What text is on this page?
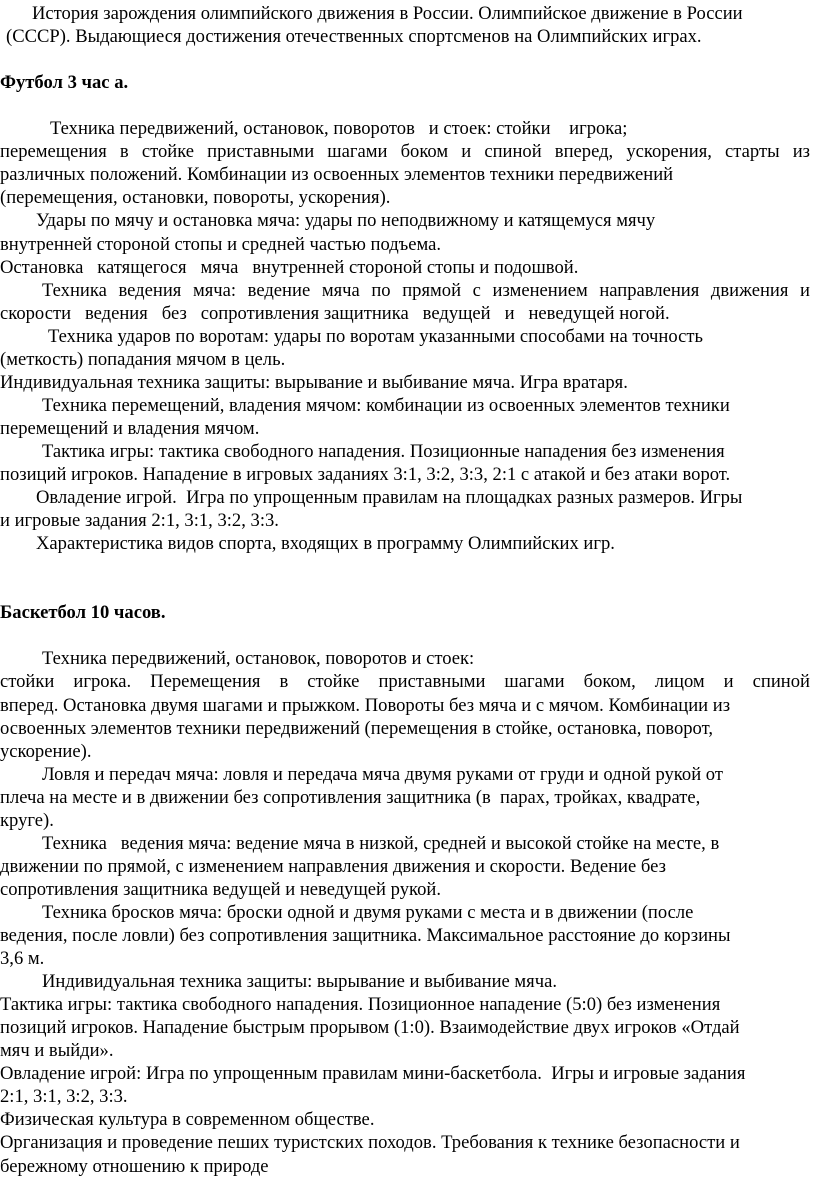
История зарождения олимпийского движения в России. Олимпийское движение в России
(СССР). Выдающиеся достижения отечественных спортсменов на Олимпийских играх.
Футбол 3 час а.
Техника передвижений, остановок, поворотов   и стоек: стойки    игрока;
перемещения в стойке приставными шагами боком и спиной вперед, ускорения, старты из
различных положений. Комбинации из освоенных элементов техники передвижений
(перемещения, остановки, повороты, ускорения).
Удары по мячу и остановка мяча: удары по неподвижному и катящемуся мячу
внутренней стороной стопы и средней частью подъема.
Остановка   катящегося   мяча   внутренней стороной стопы и подошвой.
Техника ведения мяча: ведение мяча по прямой с изменением направления движения и
скорости   ведения   без   сопротивления защитника   ведущей   и   неведущей ногой.
Техника ударов по воротам: удары по воротам указанными способами на точность
(меткость) попадания мячом в цель.
Индивидуальная техника защиты: вырывание и выбивание мяча. Игра вратаря.
Техника перемещений, владения мячом: комбинации из освоенных элементов техники
перемещений и владения мячом.
Тактика игры: тактика свободного нападения. Позиционные нападения без изменения
позиций игроков. Нападение в игровых заданиях 3:1, 3:2, 3:3, 2:1 с атакой и без атаки ворот.
Овладение игрой.  Игра по упрощенным правилам на площадках разных размеров. Игры
и игровые задания 2:1, 3:1, 3:2, 3:3.
Характеристика видов спорта, входящих в программу Олимпийских игр.
Баскетбол 10 часов.
Техника передвижений, остановок, поворотов и стоек:
стойки игрока. Перемещения в стойке приставными шагами боком, лицом и спиной
вперед. Остановка двумя шагами и прыжком. Повороты без мяча и с мячом. Комбинации из
освоенных элементов техники передвижений (перемещения в стойке, остановка, поворот,
ускорение).
Ловля и передач мяча: ловля и передача мяча двумя руками от груди и одной рукой от
плеча на месте и в движении без сопротивления защитника (в  парах, тройках, квадрате,
круге).
Техника   ведения мяча: ведение мяча в низкой, средней и высокой стойке на месте, в
движении по прямой, с изменением направления движения и скорости. Ведение без
сопротивления защитника ведущей и неведущей рукой.
Техника бросков мяча: броски одной и двумя руками с места и в движении (после
ведения, после ловли) без сопротивления защитника. Максимальное расстояние до корзины
3,6 м.
Индивидуальная техника защиты: вырывание и выбивание мяча.
Тактика игры: тактика свободного нападения. Позиционное нападение (5:0) без изменения
позиций игроков. Нападение быстрым прорывом (1:0). Взаимодействие двух игроков «Отдай
мяч и выйди».
Овладение игрой: Игра по упрощенным правилам мини-баскетбола.  Игры и игровые задания
2:1, 3:1, 3:2, 3:3.
Физическая культура в современном обществе.
Организация и проведение пеших туристских походов. Требования к технике безопасности и
бережному отношению к природе
